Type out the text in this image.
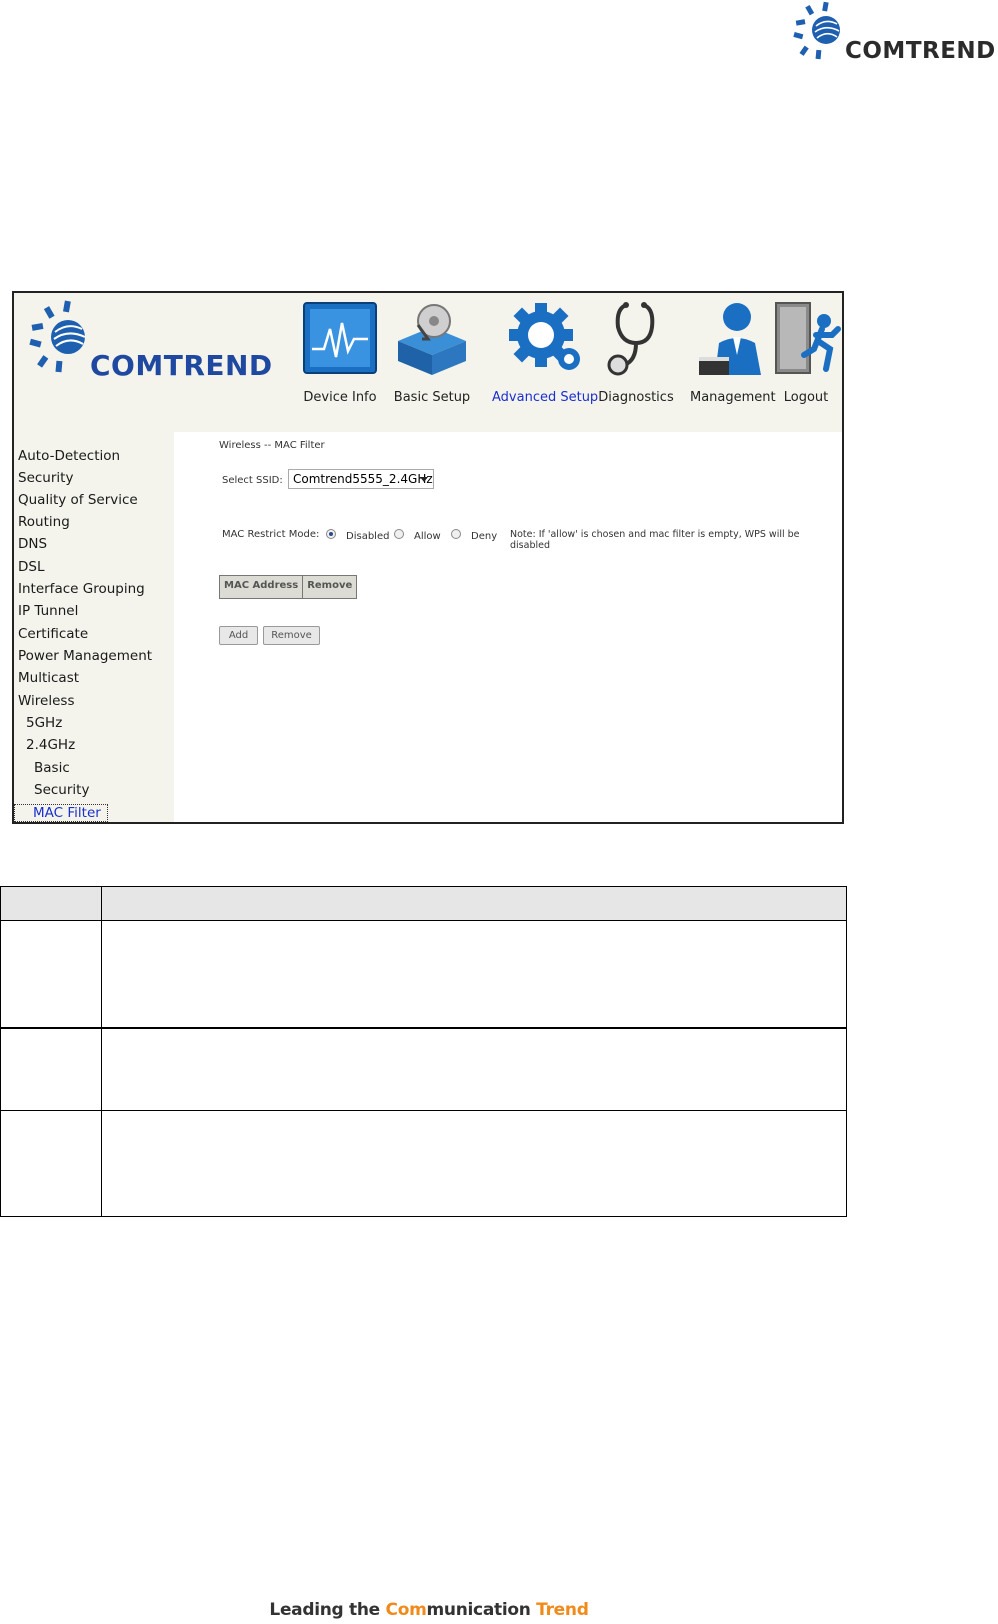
COMTREND
COMTREND
Device Info Basic Setup Advanced Setup Diagnostics Management Logout
Auto-Detection
Security
Quality of Service
Routing
DNS
DSL
Interface Grouping
IP Tunnel
Certificate
Power Management
Multicast
Wireless
5GHz
2.4GHz
Basic
Security
MAC Filter
Wireless -- MAC Filter
Select SSID: Comtrend5555_2.4GHz
MAC Restrict Mode:	Disabled Allow	Deny Note: If 'allow' is chosen and mac filter is empty, WPS will be disabled
MAC Address Remove
Add	Remove
Leading the Communication Trend
